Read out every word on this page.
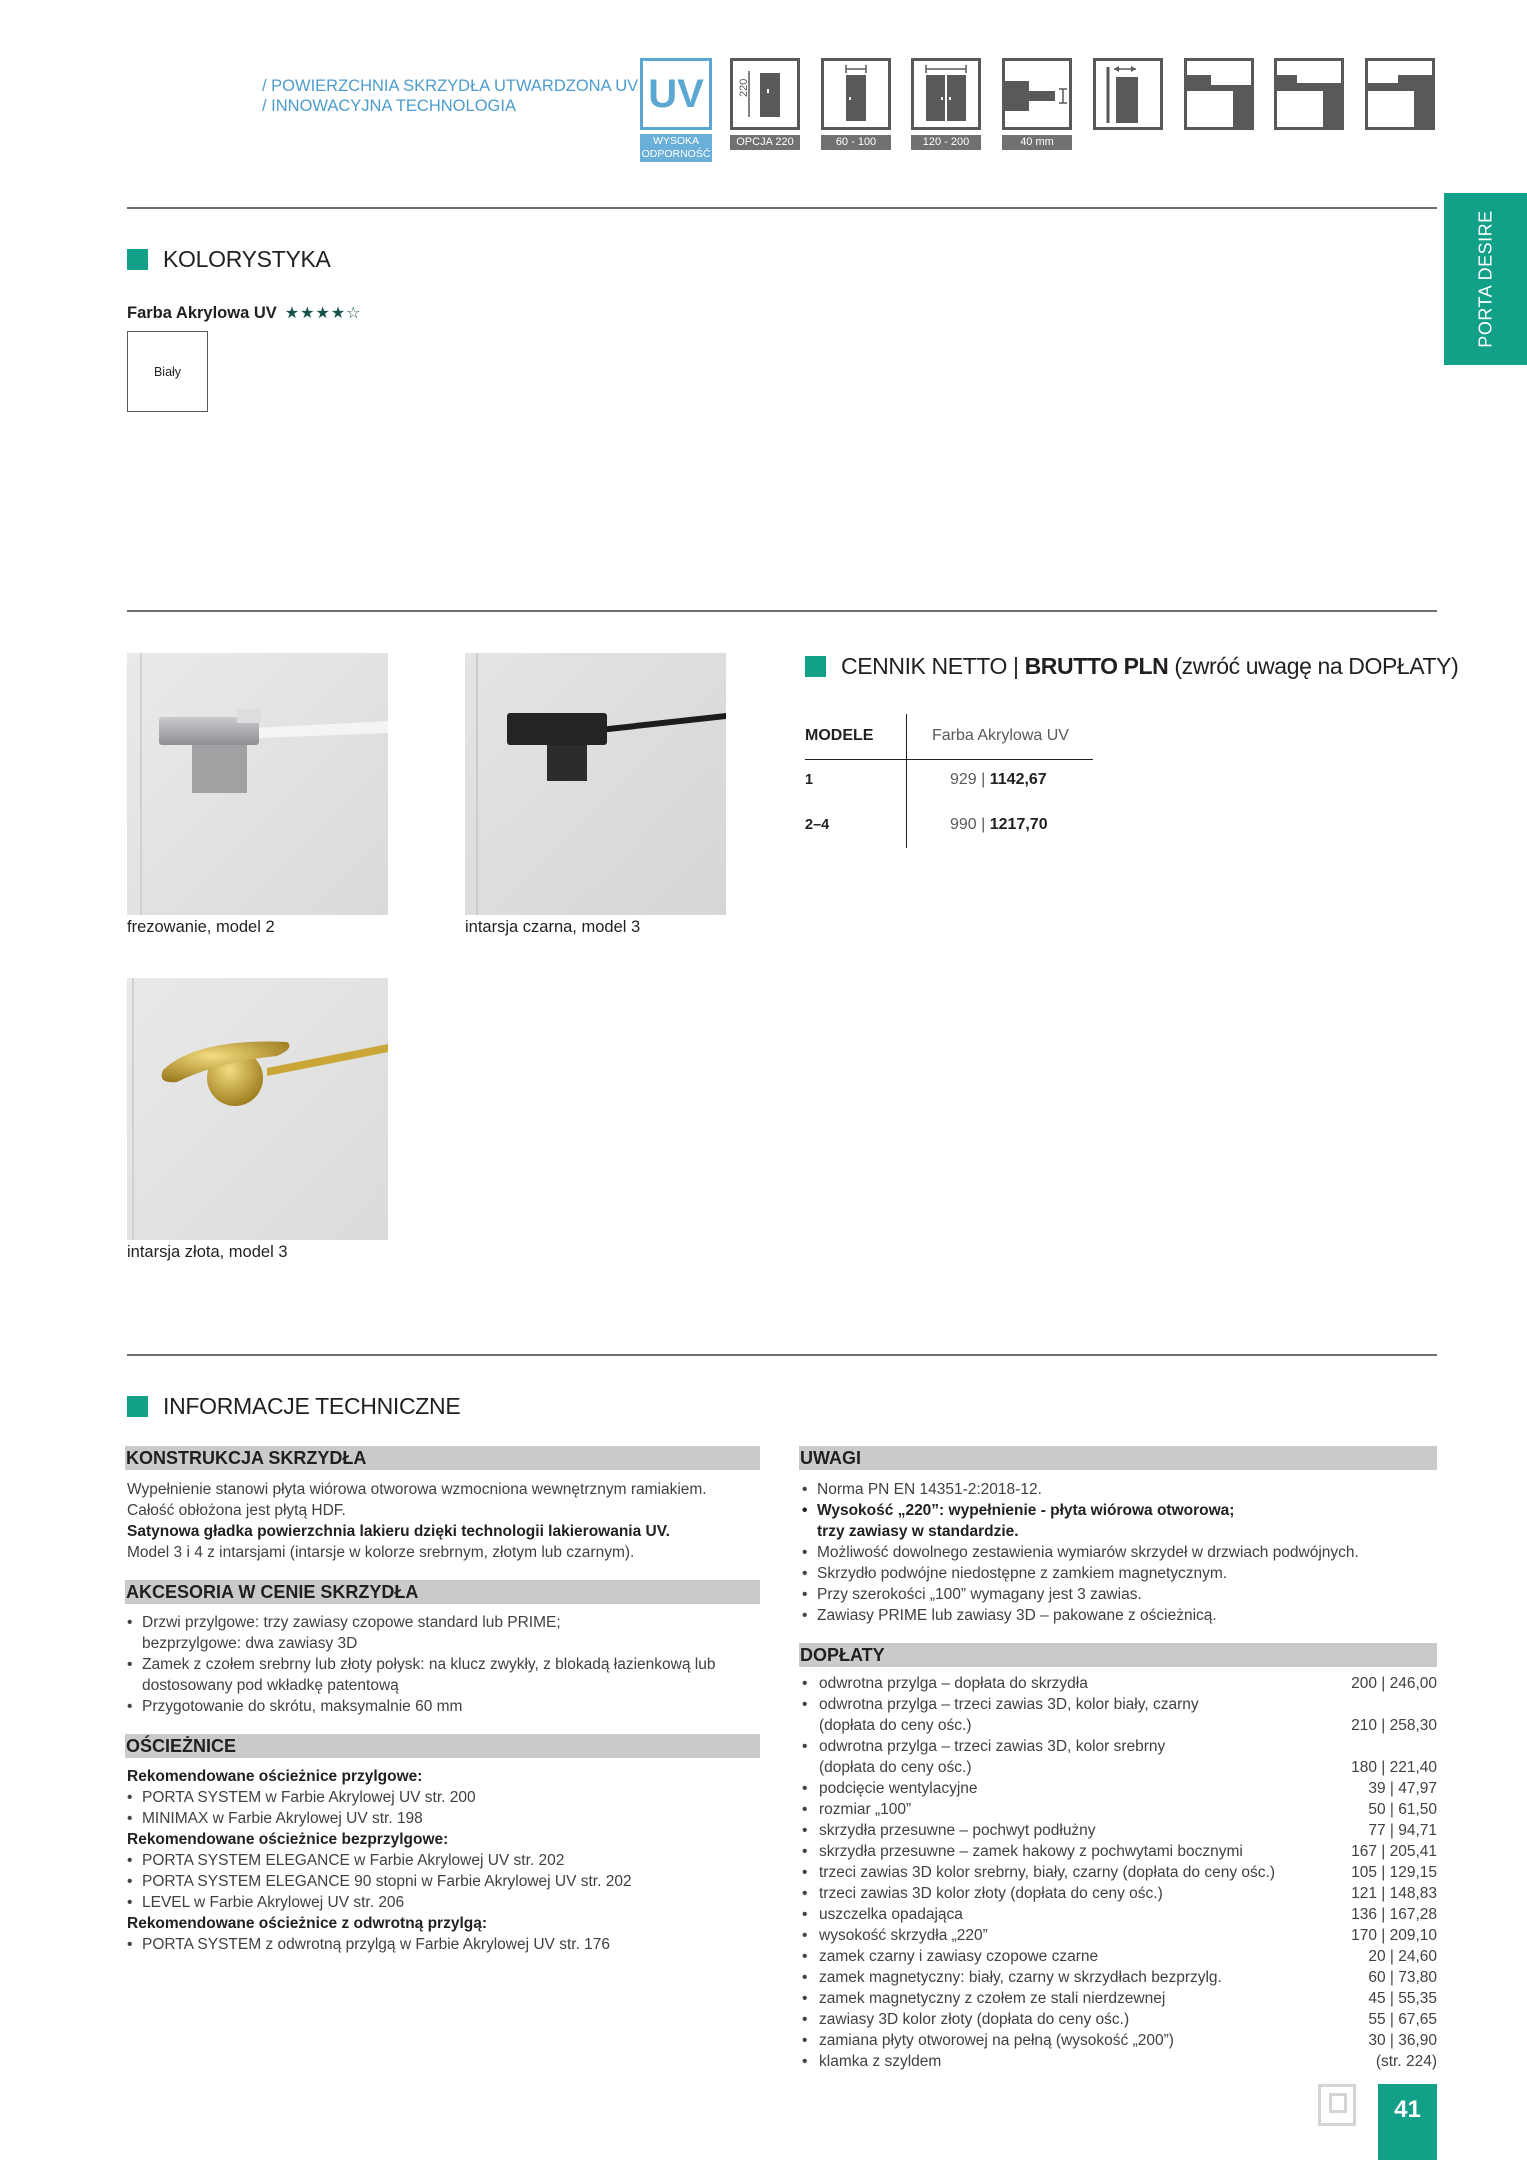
/ POWIERZCHNIA SKRZYDŁA UTWARDZONA UV
/ INNOWACYJNA TECHNOLOGIA	UV
WYSOKA
ODPORNOŚĆ
220
OPCJA 220	60 - 100	120 - 200	40 mm
PORTA DESIRE
KOLORYSTYKA
Farba Akrylowa UV ★★★★☆
Biały
frezowanie, model 2	intarsja czarna, model 3
intarsja złota, model 3
CENNIK NETTO | BRUTTO PLN (zwróć uwagę na DOPŁATY)
MODELE	Farba Akrylowa UV
1	929 | 1142,67
2–4	990 | 1217,70
INFORMACJE TECHNICZNE
KONSTRUKCJA SKRZYDŁA
Wypełnienie stanowi płyta wiórowa otworowa wzmocniona wewnętrznym ramiakiem.
Całość obłożona jest płytą HDF.
Satynowa gładka powierzchnia lakieru dzięki technologii lakierowania UV.
Model 3 i 4 z intarsjami (intarsje w kolorze srebrnym, złotym lub czarnym).
AKCESORIA W CENIE SKRZYDŁA
• Drzwi przylgowe: trzy zawiasy czopowe standard lub PRIME;
bezprzylgowe: dwa zawiasy 3D
• Zamek z czołem srebrny lub złoty połysk: na klucz zwykły, z blokadą łazienkową lub
dostosowany pod wkładkę patentową
• Przygotowanie do skrótu, maksymalnie 60 mm
OŚCIEŻNICE
Rekomendowane ościeżnice przylgowe:
• PORTA SYSTEM w Farbie Akrylowej UV str. 200
• MINIMAX w Farbie Akrylowej UV str. 198
Rekomendowane ościeżnice bezprzylgowe:
• PORTA SYSTEM ELEGANCE w Farbie Akrylowej UV str. 202
• PORTA SYSTEM ELEGANCE 90 stopni w Farbie Akrylowej UV str. 202
• LEVEL w Farbie Akrylowej UV str. 206
Rekomendowane ościeżnice z odwrotną przylgą:
• PORTA SYSTEM z odwrotną przylgą w Farbie Akrylowej UV str. 176
UWAGI
• Norma PN EN 14351-2:2018-12.
• Wysokość „220”: wypełnienie - płyta wiórowa otworowa;
trzy zawiasy w standardzie.
• Możliwość dowolnego zestawienia wymiarów skrzydeł w drzwiach podwójnych.
• Skrzydło podwójne niedostępne z zamkiem magnetycznym.
• Przy szerokości „100” wymagany jest 3 zawias.
• Zawiasy PRIME lub zawiasy 3D – pakowane z ościeżnicą.
DOPŁATY
• odwrotna przylga – dopłata do skrzydła	200 | 246,00
• odwrotna przylga – trzeci zawias 3D, kolor biały, czarny
(dopłata do ceny ośc.)	210 | 258,30
• odwrotna przylga – trzeci zawias 3D, kolor srebrny
(dopłata do ceny ośc.)	180 | 221,40
• podcięcie wentylacyjne	39 | 47,97
• rozmiar „100”	50 | 61,50
• skrzydła przesuwne – pochwyt podłużny	77 | 94,71
• skrzydła przesuwne – zamek hakowy z pochwytami bocznymi	167 | 205,41
• trzeci zawias 3D kolor srebrny, biały, czarny (dopłata do ceny ośc.)	105 | 129,15
• trzeci zawias 3D kolor złoty (dopłata do ceny ośc.)	121 | 148,83
• uszczelka opadająca	136 | 167,28
• wysokość skrzydła „220”	170 | 209,10
• zamek czarny i zawiasy czopowe czarne	20 | 24,60
• zamek magnetyczny: biały, czarny w skrzydłach bezprzylg.	60 | 73,80
• zamek magnetyczny z czołem ze stali nierdzewnej	45 | 55,35
• zawiasy 3D kolor złoty (dopłata do ceny ośc.)	55 | 67,65
• zamiana płyty otworowej na pełną (wysokość „200”)	30 | 36,90
• klamka z szyldem	(str. 224)
41
